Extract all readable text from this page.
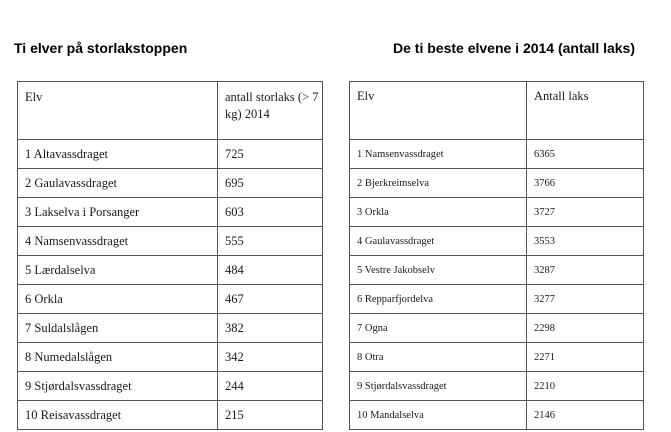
Ti elver på storlakstoppen	De ti beste elvene i 2014 (antall laks)
Elv	antall storlaks (> 7 kg) 2014
1 Altavassdraget	725
2 Gaulavassdraget	695
3 Lakselva i Porsanger	603
4 Namsenvassdraget	555
5 Lærdalselva	484
6 Orkla	467
7 Suldalslågen	382
8 Numedalslågen	342
9 Stjørdalsvassdraget	244
10 Reisavassdraget	215
Elv	Antall laks
1 Namsenvassdraget	6365
2 Bjerkreimselva	3766
3 Orkla	3727
4 Gaulavassdraget	3553
5 Vestre Jakobselv	3287
6 Repparfjordelva	3277
7 Ogna	2298
8 Otra	2271
9 Stjørdalsvassdraget	2210
10 Mandalselva	2146
